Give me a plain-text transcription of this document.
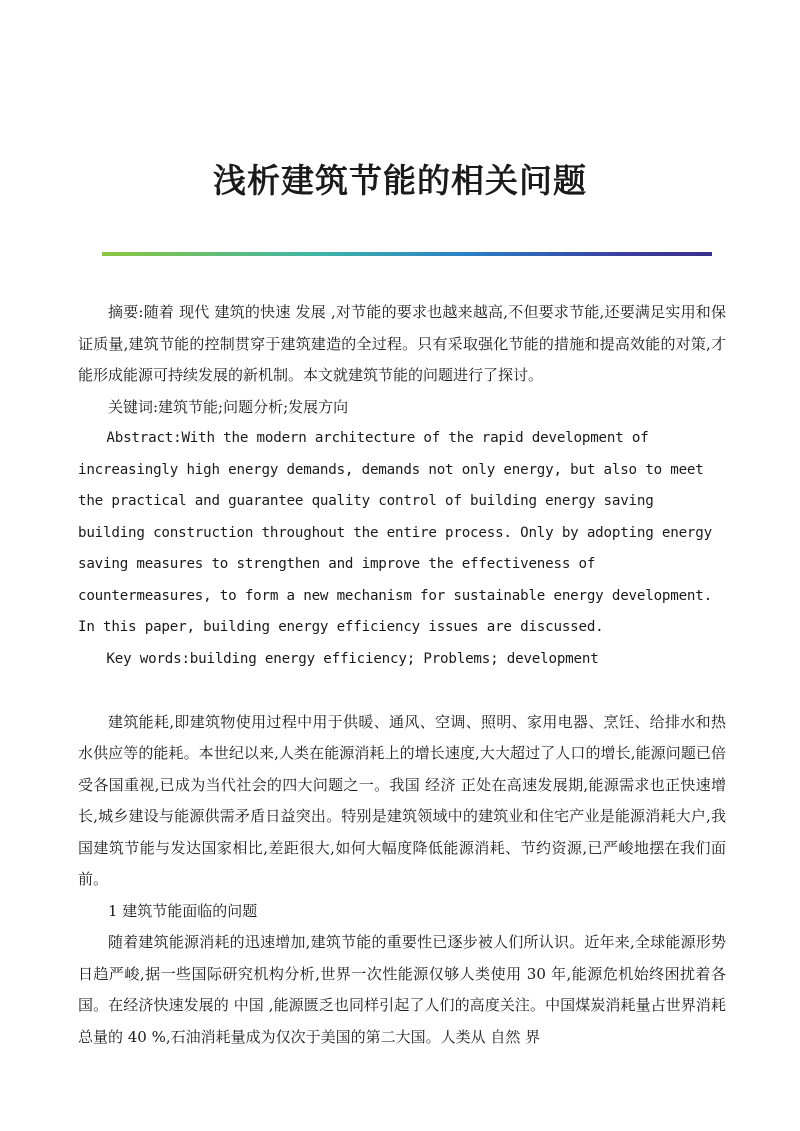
浅析建筑节能的相关问题

摘要:随着 现代 建筑的快速 发展 ,对节能的要求也越来越高,不但要求节能,还要满足实用和保证质量,建筑节能的控制贯穿于建筑建造的全过程。只有采取强化节能的措施和提高效能的对策,才能形成能源可持续发展的新机制。本文就建筑节能的问题进行了探讨。

关键词:建筑节能;问题分析;发展方向

Abstract:With the modern architecture of the rapid development of increasingly high energy demands, demands not only energy, but also to meet the practical and guarantee quality control of building energy saving building construction throughout the entire process. Only by adopting energy saving measures to strengthen and improve the effectiveness of countermeasures, to form a new mechanism for sustainable energy development. In this paper, building energy efficiency issues are discussed.

Key words:building energy efficiency; Problems; development

建筑能耗,即建筑物使用过程中用于供暖、通风、空调、照明、家用电器、烹饪、给排水和热水供应等的能耗。本世纪以来,人类在能源消耗上的增长速度,大大超过了人口的增长,能源问题已倍受各国重视,已成为当代社会的四大问题之一。我国 经济 正处在高速发展期,能源需求也正快速增长,城乡建设与能源供需矛盾日益突出。特别是建筑领域中的建筑业和住宅产业是能源消耗大户,我国建筑节能与发达国家相比,差距很大,如何大幅度降低能源消耗、节约资源,已严峻地摆在我们面前。

1 建筑节能面临的问题

随着建筑能源消耗的迅速增加,建筑节能的重要性已逐步被人们所认识。近年来,全球能源形势日趋严峻,据一些国际研究机构分析,世界一次性能源仅够人类使用 30 年,能源危机始终困扰着各国。在经济快速发展的 中国 ,能源匮乏也同样引起了人们的高度关注。中国煤炭消耗量占世界消耗总量的 40 %,石油消耗量成为仅次于美国的第二大国。人类从 自然 界
